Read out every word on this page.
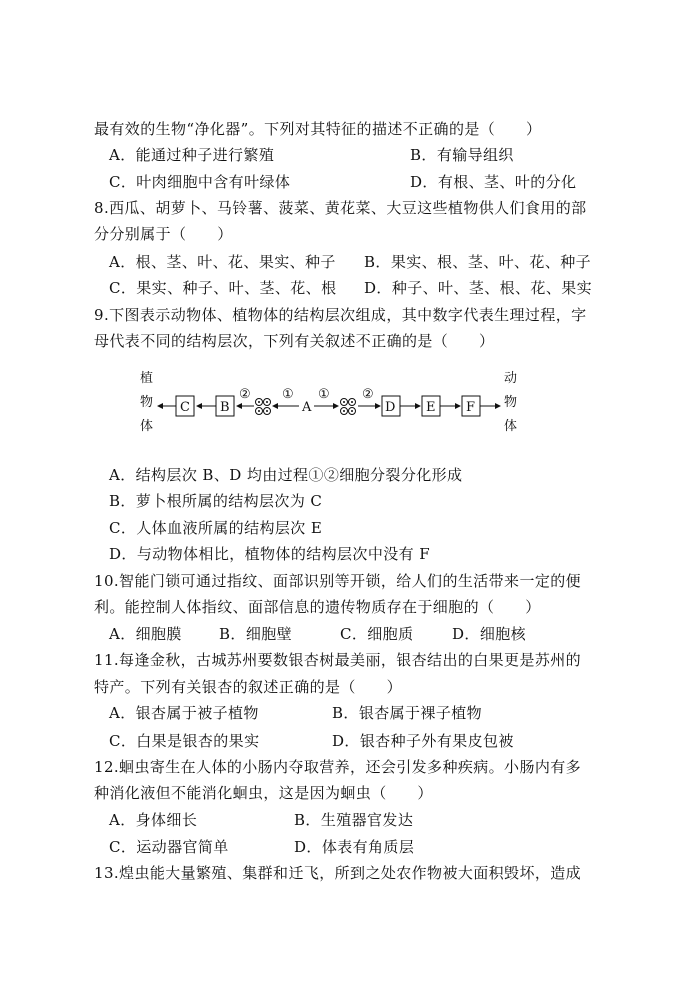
最有效的生物“净化器”。下列对其特征的描述不正确的是（　　）
A．能通过种子进行繁殖	B．有输导组织
C．叶肉细胞中含有叶绿体	D．有根、茎、叶的分化
8.西瓜、胡萝卜、马铃薯、菠菜、黄花菜、大豆这些植物供人们食用的部
分分别属于（　　）
A．根、茎、叶、花、果实、种子 B．果实、根、茎、叶、花、种子
C．果实、种子、叶、茎、花、根 D．种子、叶、茎、根、花、果实
9.下图表示动物体、植物体的结构层次组成，其中数字代表生理过程，字
母代表不同的结构层次，下列有关叙述不正确的是（　　）
植
物
体
动
物
体
C B
② ①
A
① ②
D E F
A．结构层次 B、D 均由过程①②细胞分裂分化形成
B．萝卜根所属的结构层次为 C
C．人体血液所属的结构层次 E
D．与动物体相比，植物体的结构层次中没有 F
10.智能门锁可通过指纹、面部识别等开锁，给人们的生活带来一定的便
利。能控制人体指纹、面部信息的遗传物质存在于细胞的（　　）
A．细胞膜 B．细胞壁	C．细胞质	D．细胞核
11.每逢金秋，古城苏州要数银杏树最美丽，银杏结出的白果更是苏州的
特产。下列有关银杏的叙述正确的是（　　）
A．银杏属于被子植物	B．银杏属于裸子植物
C．白果是银杏的果实	D．银杏种子外有果皮包被
12.蛔虫寄生在人体的小肠内夺取营养，还会引发多种疾病。小肠内有多
种消化液但不能消化蛔虫，这是因为蛔虫（　　）
A．身体细长	B．生殖器官发达
C．运动器官简单	D．体表有角质层
13.煌虫能大量繁殖、集群和迁飞，所到之处农作物被大面积毁坏，造成
